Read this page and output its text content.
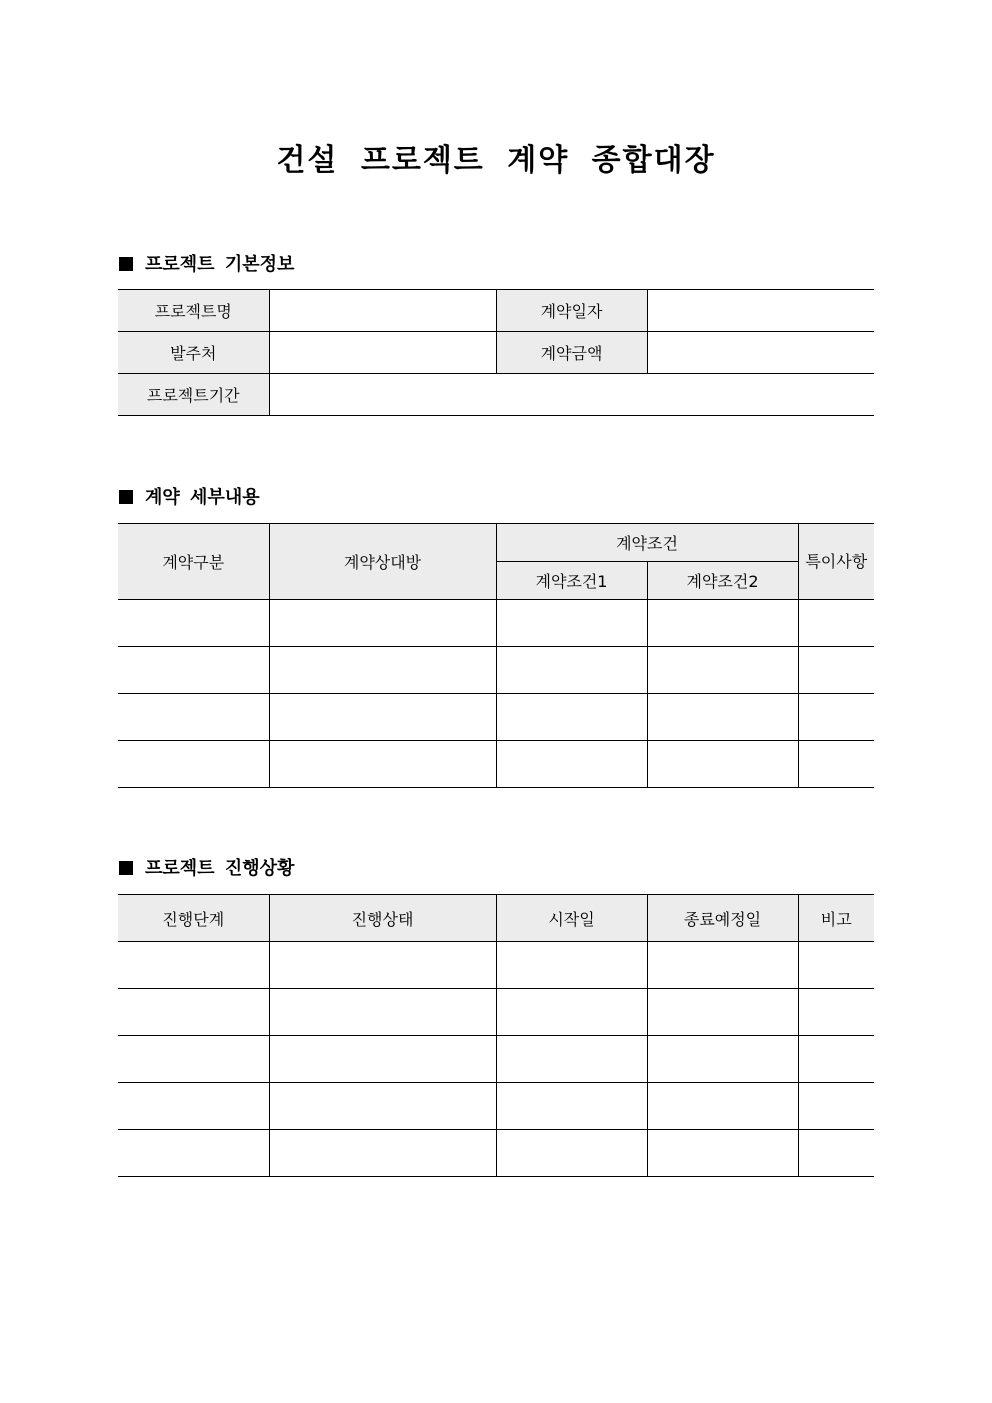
건설 프로젝트 계약 종합대장
프로젝트 기본정보
프로젝트명		계약일자	
발주처		계약금액	
프로젝트기간			
계약 세부내용
계약구분	계약상대방	계약조건		특이사항
		계약조건1	계약조건2	

프로젝트 진행상황
진행단계	진행상태	시작일	종료예정일	비고
